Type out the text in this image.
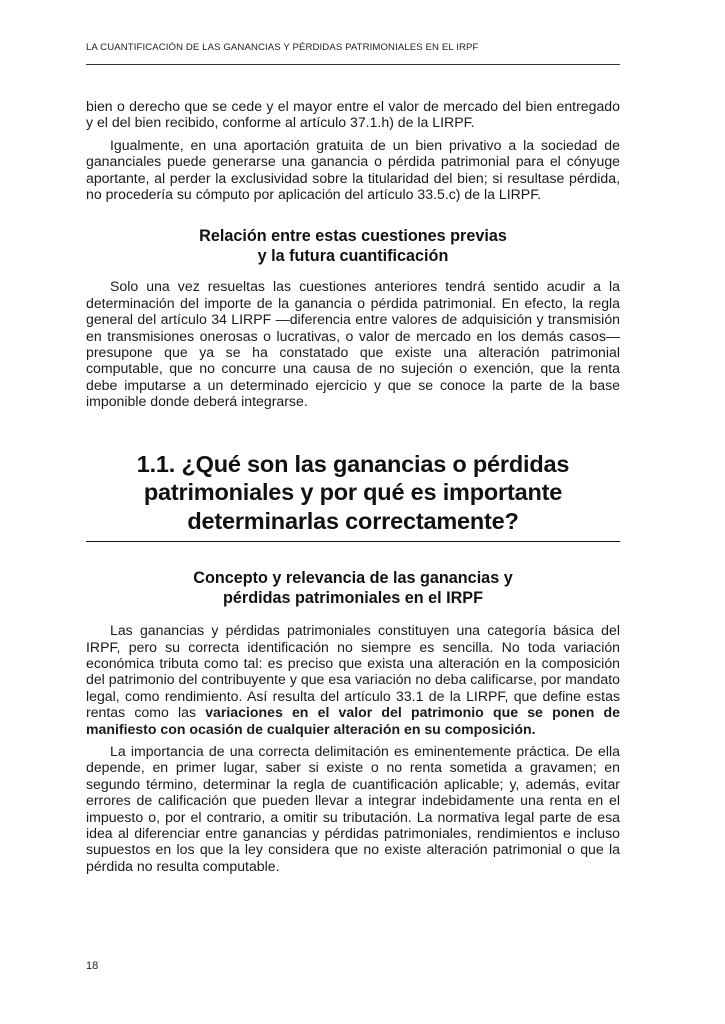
LA CUANTIFICACIÓN DE LAS GANANCIAS Y PÉRDIDAS PATRIMONIALES EN EL IRPF

bien o derecho que se cede y el mayor entre el valor de mercado del bien entregado y el del bien recibido, conforme al artículo 37.1.h) de la LIRPF.

Igualmente, en una aportación gratuita de un bien privativo a la sociedad de gananciales puede generarse una ganancia o pérdida patrimonial para el cónyuge aportante, al perder la exclusividad sobre la titularidad del bien; si resultase pérdida, no procedería su cómputo por aplicación del artículo 33.5.c) de la LIRPF.

Relación entre estas cuestiones previas
y la futura cuantificación

Solo una vez resueltas las cuestiones anteriores tendrá sentido acudir a la determinación del importe de la ganancia o pérdida patrimonial. En efecto, la regla general del artículo 34 LIRPF —diferencia entre valores de adquisición y transmisión en transmisiones onerosas o lucrativas, o valor de mercado en los demás casos— presupone que ya se ha constatado que existe una alteración patrimonial computable, que no concurre una causa de no sujeción o exención, que la renta debe imputarse a un determinado ejercicio y que se conoce la parte de la base imponible donde deberá integrarse.

1.1. ¿Qué son las ganancias o pérdidas
patrimoniales y por qué es importante
determinarlas correctamente?
Concepto y relevancia de las ganancias y
pérdidas patrimoniales en el IRPF

Las ganancias y pérdidas patrimoniales constituyen una categoría básica del IRPF, pero su correcta identificación no siempre es sencilla. No toda variación económica tributa como tal: es preciso que exista una alteración en la composición del patrimonio del contribuyente y que esa variación no deba calificarse, por mandato legal, como rendimiento. Así resulta del artículo 33.1 de la LIRPF, que define estas rentas como las variaciones en el valor del patrimonio que se ponen de manifiesto con ocasión de cualquier alteración en su composición.

La importancia de una correcta delimitación es eminentemente práctica. De ella depende, en primer lugar, saber si existe o no renta sometida a gravamen; en segundo término, determinar la regla de cuantificación aplicable; y, además, evitar errores de calificación que pueden llevar a integrar indebidamente una renta en el impuesto o, por el contrario, a omitir su tributación. La normativa legal parte de esa idea al diferenciar entre ganancias y pérdidas patrimoniales, rendimientos e incluso supuestos en los que la ley considera que no existe alteración patrimonial o que la pérdida no resulta computable.

18
